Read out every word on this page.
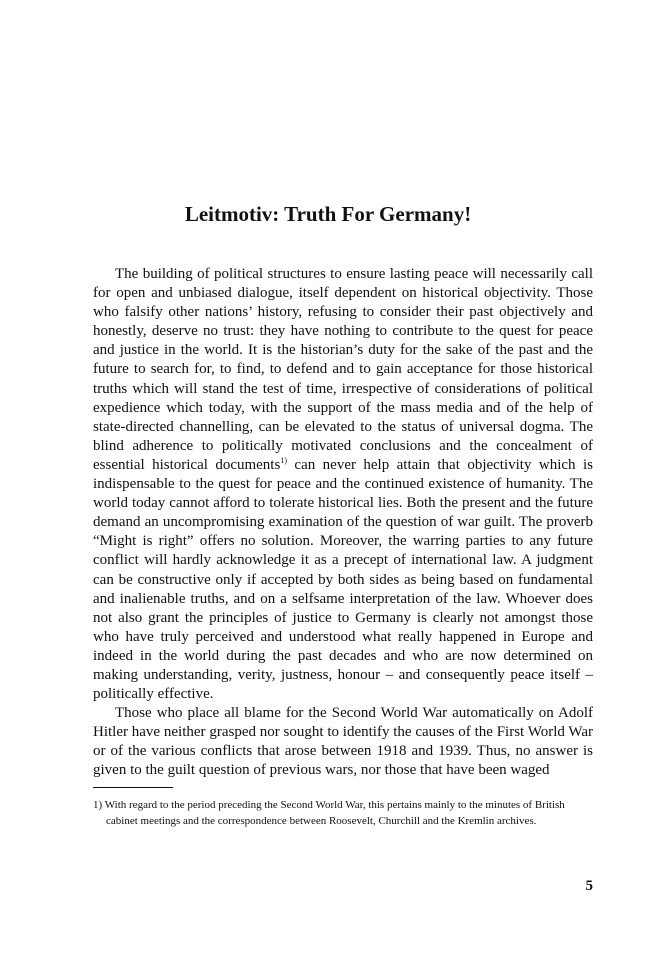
Leitmotiv: Truth For Germany!

The building of political structures to ensure lasting peace will necessarily call for open and unbiased dialogue, itself dependent on historical objectivity. Those who falsify other nations’ history, refusing to consider their past objectively and honestly, deserve no trust: they have nothing to contribute to the quest for peace and justice in the world. It is the historian’s duty for the sake of the past and the future to search for, to find, to defend and to gain acceptance for those historical truths which will stand the test of time, irrespective of considerations of political expedience which today, with the support of the mass media and of the help of state-directed channelling, can be elevated to the status of universal dogma. The blind adherence to politically motivated conclusions and the concealment of essential historical documents$^{1)}$ can never help attain that objectivity which is indispensable to the quest for peace and the continued existence of humanity. The world today cannot afford to tolerate historical lies. Both the present and the future demand an uncompromising examination of the question of war guilt. The proverb “Might is right” offers no solution. Moreover, the warring parties to any future conflict will hardly acknowledge it as a precept of international law. A judgment can be constructive only if accepted by both sides as being based on fundamental and inalienable truths, and on a selfsame interpretation of the law. Whoever does not also grant the principles of justice to Germany is clearly not amongst those who have truly perceived and understood what really happened in Europe and indeed in the world during the past decades and who are now determined on making understanding, verity, justness, honour – and consequently peace itself – politically effective.

Those who place all blame for the Second World War automatically on Adolf Hitler have neither grasped nor sought to identify the causes of the First World War or of the various conflicts that arose between 1918 and 1939. Thus, no answer is given to the guilt question of previous wars, nor those that have been waged

1) With regard to the period preceding the Second World War, this pertains mainly to the minutes of British cabinet meetings and the correspondence between Roosevelt, Churchill and the Kremlin archives.
5
